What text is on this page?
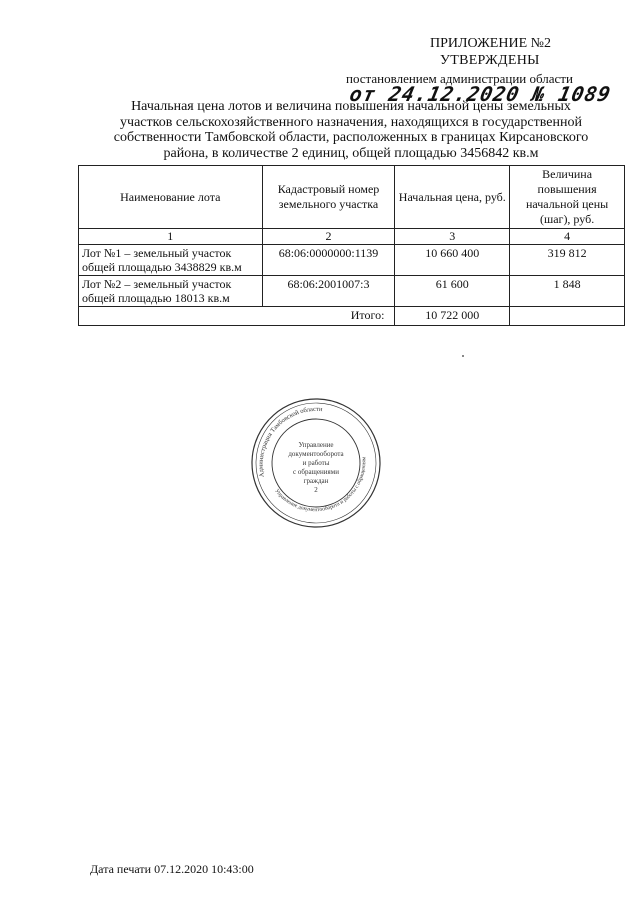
ПРИЛОЖЕНИЕ №2
УТВЕРЖДЕНЫ
постановлением администрации области
от 24.12.2020 № 1089
Начальная цена лотов и величина повышения начальной цены земельных
участков сельскохозяйственного назначения, находящихся в государственной
собственности Тамбовской области, расположенных в границах Кирсановского
района, в количестве 2 единиц, общей площадью 3456842 кв.м
Наименование лота	Кадастровый номер земельного участка	Начальная цена, руб.	Величина повышения начальной цены (шаг), руб.
1	2	3	4

Лот №1 – земельный участок
общей площадью 3438829 кв.м	68:06:0000000:1139	10 660 400	319 812

Лот №2 – земельный участок
общей площадью 18013 кв.м	68:06:2001007:3	61 600	1 848
Итого:		10 722 000	
Администрация Тамбовской области
Управление документооборота и работы с обращениями
Управление
документооборота
и работы
с обращениями
граждан
2
Дата печати 07.12.2020 10:43:00
